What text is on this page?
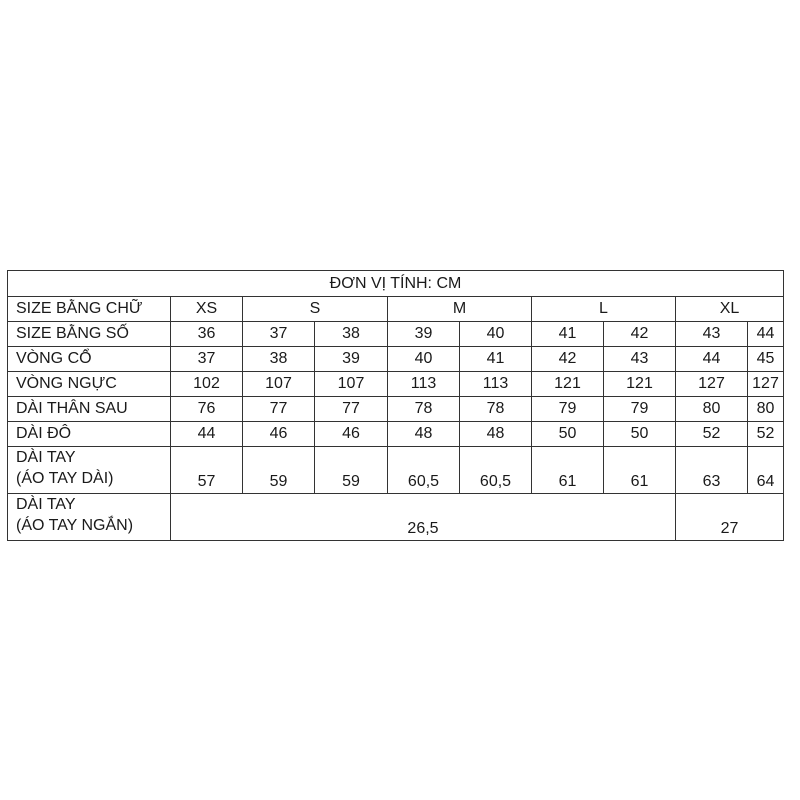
ĐƠN VỊ TÍNH: CM									
SIZE BẰNG CHỮ	XS	S		M		L		XL	
SIZE BẰNG SỐ	36	37	38	39	40	41	42	43	44
VÒNG CỔ	37	38	39	40	41	42	43	44	45
VÒNG NGỰC	102	107	107	113	113	121	121	127	127
DÀI THÂN SAU	76	77	77	78	78	79	79	80	80
DÀI ĐÔ	44	46	46	48	48	50	50	52	52

DÀI TAY
(ÁO TAY DÀI)	57	59	59	60,5	60,5	61	61	63	64

DÀI TAY
(ÁO TAY NGẮN)	26,5							27	
